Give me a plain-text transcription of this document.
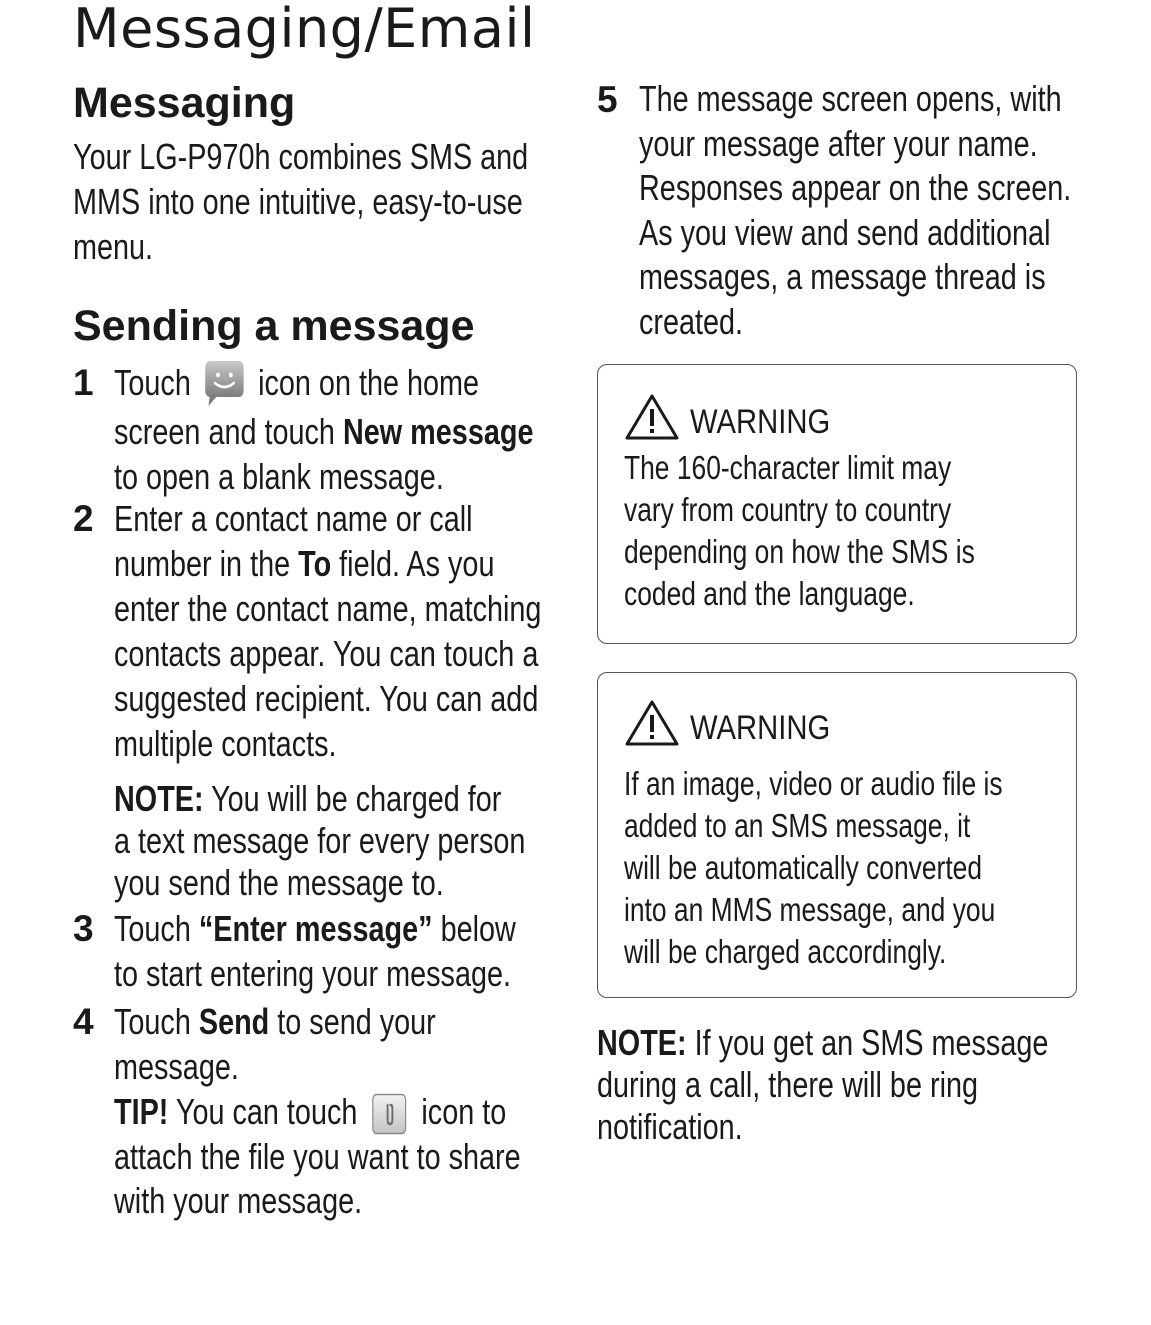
Messaging/Email
Messaging
Your LG-P970h combines SMS and
MMS into one intuitive, easy-to-use
menu.
Sending a message
1 Touch icon on the home
screen and touch New message
to open a blank message.
2 Enter a contact name or call
number in the To field. As you
enter the contact name, matching
contacts appear. You can touch a
suggested recipient. You can add
multiple contacts.
NOTE: You will be charged for
a text message for every person
you send the message to.
3 Touch “Enter message” below
to start entering your message.
4 Touch Send to send your
message.
TIP! You can touch icon to
attach the file you want to share
with your message.
5 The message screen opens, with
your message after your name.
Responses appear on the screen.
As you view and send additional
messages, a message thread is
created.
WARNING
The 160-character limit may
vary from country to country
depending on how the SMS is
coded and the language.
WARNING
If an image, video or audio file is
added to an SMS message, it
will be automatically converted
into an MMS message, and you
will be charged accordingly.
NOTE: If you get an SMS message
during a call, there will be ring
notification.
